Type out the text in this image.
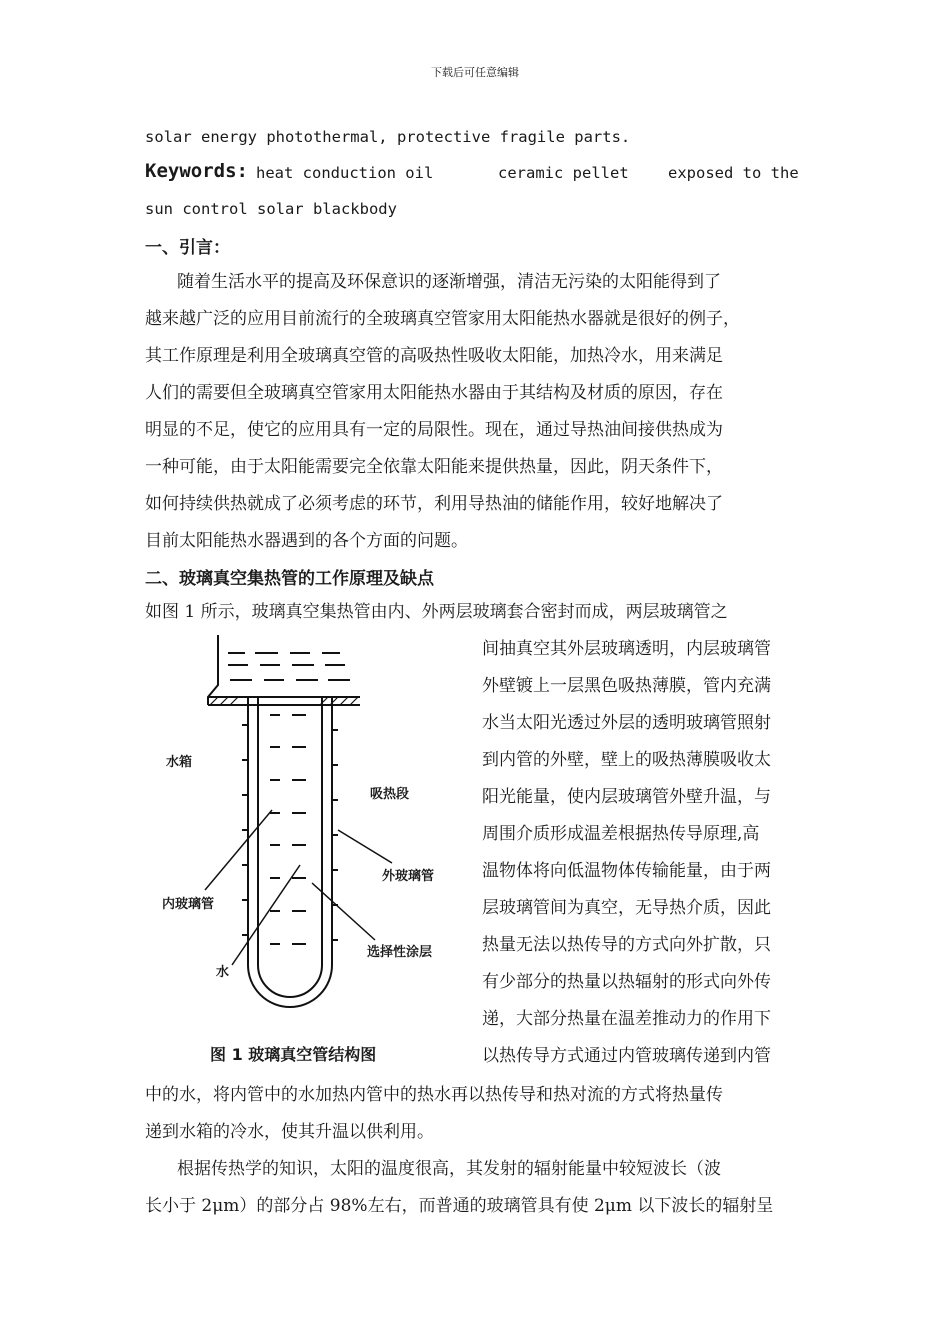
下载后可任意编辑
solar energy photothermal, protective fragile parts.
Keywords: heat conduction oil	ceramic pellet	exposed to the
sun control solar blackbody
一、引言：
随着生活水平的提高及环保意识的逐渐增强，清洁无污染的太阳能得到了
越来越广泛的应用目前流行的全玻璃真空管家用太阳能热水器就是很好的例子，
其工作原理是利用全玻璃真空管的高吸热性吸收太阳能，加热冷水，用来满足
人们的需要但全玻璃真空管家用太阳能热水器由于其结构及材质的原因，存在
明显的不足，使它的应用具有一定的局限性。现在，通过导热油间接供热成为
一种可能，由于太阳能需要完全依靠太阳能来提供热量，因此，阴天条件下，
如何持续供热就成了必须考虑的环节，利用导热油的储能作用，较好地解决了
目前太阳能热水器遇到的各个方面的问题。
二、玻璃真空集热管的工作原理及缺点
如图 1 所示，玻璃真空集热管由内、外两层玻璃套合密封而成，两层玻璃管之
间抽真空其外层玻璃透明，内层玻璃管
外壁镀上一层黑色吸热薄膜，管内充满
水当太阳光透过外层的透明玻璃管照射
到内管的外壁，壁上的吸热薄膜吸收太
阳光能量，使内层玻璃管外壁升温，与
周围介质形成温差根据热传导原理,高
温物体将向低温物体传输能量，由于两
层玻璃管间为真空，无导热介质，因此
热量无法以热传导的方式向外扩散，只
有少部分的热量以热辐射的形式向外传
递，大部分热量在温差推动力的作用下
以热传导方式通过内管玻璃传递到内管
水箱
吸热段
外玻璃管
内玻璃管
选择性涂层
水
图 1 玻璃真空管结构图
中的水，将内管中的水加热内管中的热水再以热传导和热对流的方式将热量传
递到水箱的冷水，使其升温以供利用。
根据传热学的知识，太阳的温度很高，其发射的辐射能量中较短波长（波
长小于 2μm）的部分占 98%左右，而普通的玻璃管具有使 2μm 以下波长的辐射呈
